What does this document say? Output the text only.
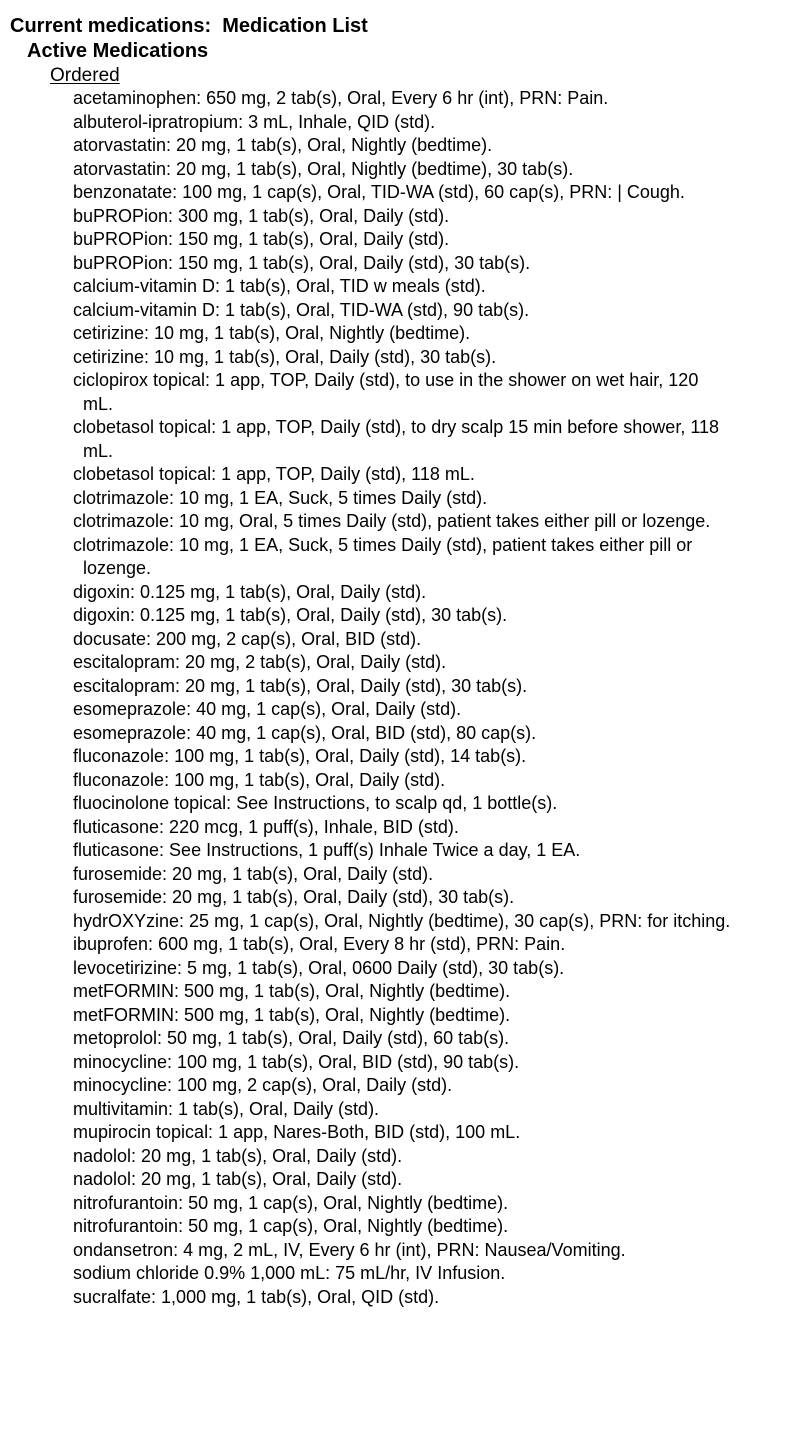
Current medications:  Medication List
Active Medications
Ordered
acetaminophen: 650 mg, 2 tab(s), Oral, Every 6 hr (int), PRN: Pain.
albuterol-ipratropium: 3 mL, Inhale, QID (std).
atorvastatin: 20 mg, 1 tab(s), Oral, Nightly (bedtime).
atorvastatin: 20 mg, 1 tab(s), Oral, Nightly (bedtime), 30 tab(s).
benzonatate: 100 mg, 1 cap(s), Oral, TID-WA (std), 60 cap(s), PRN: | Cough.
buPROPion: 300 mg, 1 tab(s), Oral, Daily (std).
buPROPion: 150 mg, 1 tab(s), Oral, Daily (std).
buPROPion: 150 mg, 1 tab(s), Oral, Daily (std), 30 tab(s).
calcium-vitamin D: 1 tab(s), Oral, TID w meals (std).
calcium-vitamin D: 1 tab(s), Oral, TID-WA (std), 90 tab(s).
cetirizine: 10 mg, 1 tab(s), Oral, Nightly (bedtime).
cetirizine: 10 mg, 1 tab(s), Oral, Daily (std), 30 tab(s).
ciclopirox topical: 1 app, TOP, Daily (std), to use in the shower on wet hair, 120 mL.
clobetasol topical: 1 app, TOP, Daily (std), to dry scalp 15 min before shower, 118 mL.
clobetasol topical: 1 app, TOP, Daily (std), 118 mL.
clotrimazole: 10 mg, 1 EA, Suck, 5 times Daily (std).
clotrimazole: 10 mg, Oral, 5 times Daily (std), patient takes either pill or lozenge.
clotrimazole: 10 mg, 1 EA, Suck, 5 times Daily (std), patient takes either pill or lozenge.
digoxin: 0.125 mg, 1 tab(s), Oral, Daily (std).
digoxin: 0.125 mg, 1 tab(s), Oral, Daily (std), 30 tab(s).
docusate: 200 mg, 2 cap(s), Oral, BID (std).
escitalopram: 20 mg, 2 tab(s), Oral, Daily (std).
escitalopram: 20 mg, 1 tab(s), Oral, Daily (std), 30 tab(s).
esomeprazole: 40 mg, 1 cap(s), Oral, Daily (std).
esomeprazole: 40 mg, 1 cap(s), Oral, BID (std), 80 cap(s).
fluconazole: 100 mg, 1 tab(s), Oral, Daily (std), 14 tab(s).
fluconazole: 100 mg, 1 tab(s), Oral, Daily (std).
fluocinolone topical: See Instructions, to scalp qd, 1 bottle(s).
fluticasone: 220 mcg, 1 puff(s), Inhale, BID (std).
fluticasone: See Instructions, 1 puff(s) Inhale Twice a day, 1 EA.
furosemide: 20 mg, 1 tab(s), Oral, Daily (std).
furosemide: 20 mg, 1 tab(s), Oral, Daily (std), 30 tab(s).
hydrOXYzine: 25 mg, 1 cap(s), Oral, Nightly (bedtime), 30 cap(s), PRN: for itching.
ibuprofen: 600 mg, 1 tab(s), Oral, Every 8 hr (std), PRN: Pain.
levocetirizine: 5 mg, 1 tab(s), Oral, 0600 Daily (std), 30 tab(s).
metFORMIN: 500 mg, 1 tab(s), Oral, Nightly (bedtime).
metFORMIN: 500 mg, 1 tab(s), Oral, Nightly (bedtime).
metoprolol: 50 mg, 1 tab(s), Oral, Daily (std), 60 tab(s).
minocycline: 100 mg, 1 tab(s), Oral, BID (std), 90 tab(s).
minocycline: 100 mg, 2 cap(s), Oral, Daily (std).
multivitamin: 1 tab(s), Oral, Daily (std).
mupirocin topical: 1 app, Nares-Both, BID (std), 100 mL.
nadolol: 20 mg, 1 tab(s), Oral, Daily (std).
nadolol: 20 mg, 1 tab(s), Oral, Daily (std).
nitrofurantoin: 50 mg, 1 cap(s), Oral, Nightly (bedtime).
nitrofurantoin: 50 mg, 1 cap(s), Oral, Nightly (bedtime).
ondansetron: 4 mg, 2 mL, IV, Every 6 hr (int), PRN: Nausea/Vomiting.
sodium chloride 0.9% 1,000 mL: 75 mL/hr, IV Infusion.
sucralfate: 1,000 mg, 1 tab(s), Oral, QID (std).
